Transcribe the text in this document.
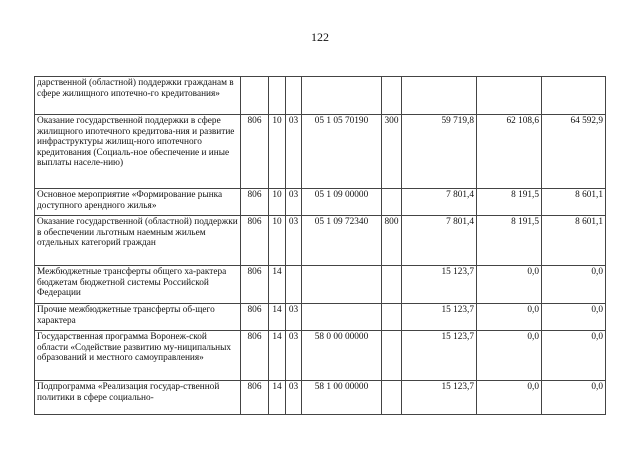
122
дарственной (областной) поддержки гражданам в сфере жилищного ипотечно-го кредитования»								
Оказание государственной поддержки в сфере жилищного ипотечного кредитова-ния и развитие инфраструктуры жилищ-ного ипотечного кредитования (Социаль-ное обеспечение и иные выплаты населе-нию)	806	10	03	05 1 05 70190	300	59 719,8	62 108,6	64 592,9
Основное мероприятие «Формирование рынка доступного арендного жилья»	806	10	03	05 1 09 00000		7 801,4	8 191,5	8 601,1
Оказание государственной (областной) поддержки в обеспечении льготным наемным жильем отдельных категорий граждан	806	10	03	05 1 09 72340	800	7 801,4	8 191,5	8 601,1
Межбюджетные трансферты общего ха-рактера бюджетам бюджетной системы Российской Федерации	806	14				15 123,7	0,0	0,0
Прочие межбюджетные трансферты об-щего характера	806	14	03			15 123,7	0,0	0,0
Государственная программа Воронеж-ской области «Содействие развитию му-ниципальных образований и местного самоуправления»	806	14	03	58 0 00 00000		15 123,7	0,0	0,0
Подпрограмма «Реализация государ-ственной политики в сфере социально-	806	14	03	58 1 00 00000		15 123,7	0,0	0,0
